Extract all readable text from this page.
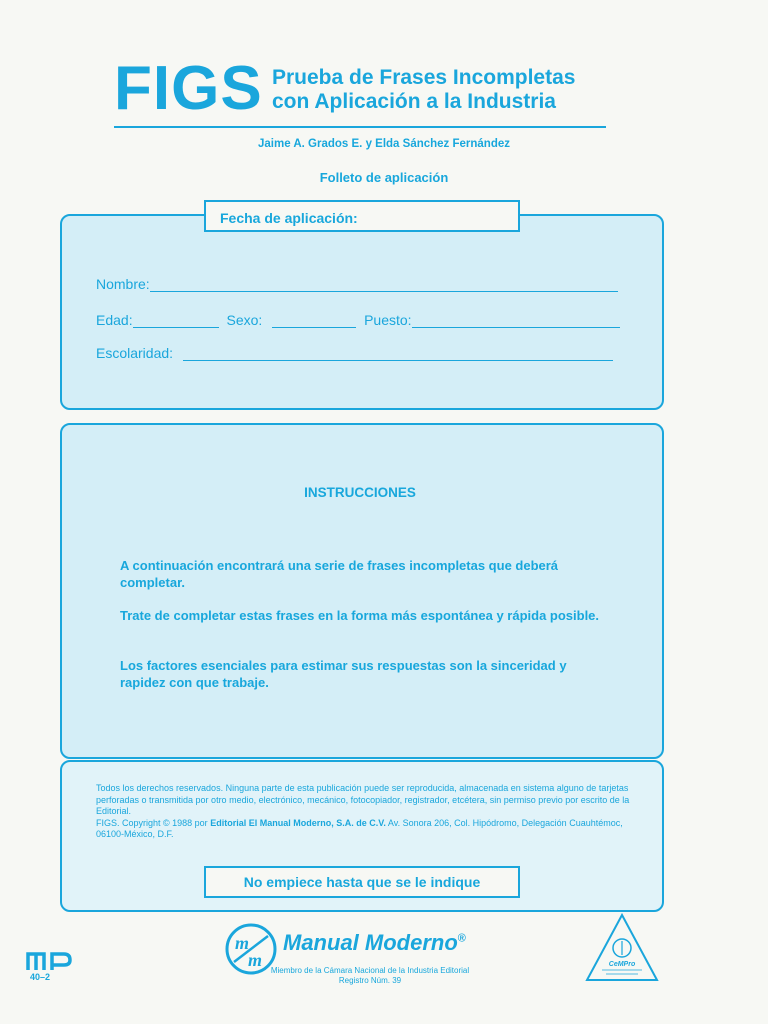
FIGS Prueba de Frases Incompletas
con Aplicación a la Industria
Jaime A. Grados E. y Elda Sánchez Fernández
Folleto de aplicación
Fecha de aplicación:
Nombre:
Edad:	Sexo:	Puesto:
Escolaridad:
INSTRUCCIONES
A continuación encontrará una serie de frases incompletas que deberá completar.
Trate de completar estas frases en la forma más espontánea y rápida posible.
Los factores esenciales para estimar sus respuestas son la sinceridad y rapidez con que trabaje.
Todos los derechos reservados. Ninguna parte de esta publicación puede ser reproducida, almacenada en sistema alguno de tarjetas perforadas o transmitida por otro medio, electrónico, mecánico, fotocopiador, registrador, etcétera, sin permiso previo por escrito de la Editorial.
FIGS. Copyright © 1988 por Editorial El Manual Moderno, S.A. de C.V. Av. Sonora 206, Col. Hipódromo, Delegación Cuauhtémoc, 06100-México, D.F.
No empiece hasta que se le indique
m
m
Manual Moderno®
Miembro de la Cámara Nacional de la Industria Editorial
Registro Núm. 39
40–2
CeMPro
